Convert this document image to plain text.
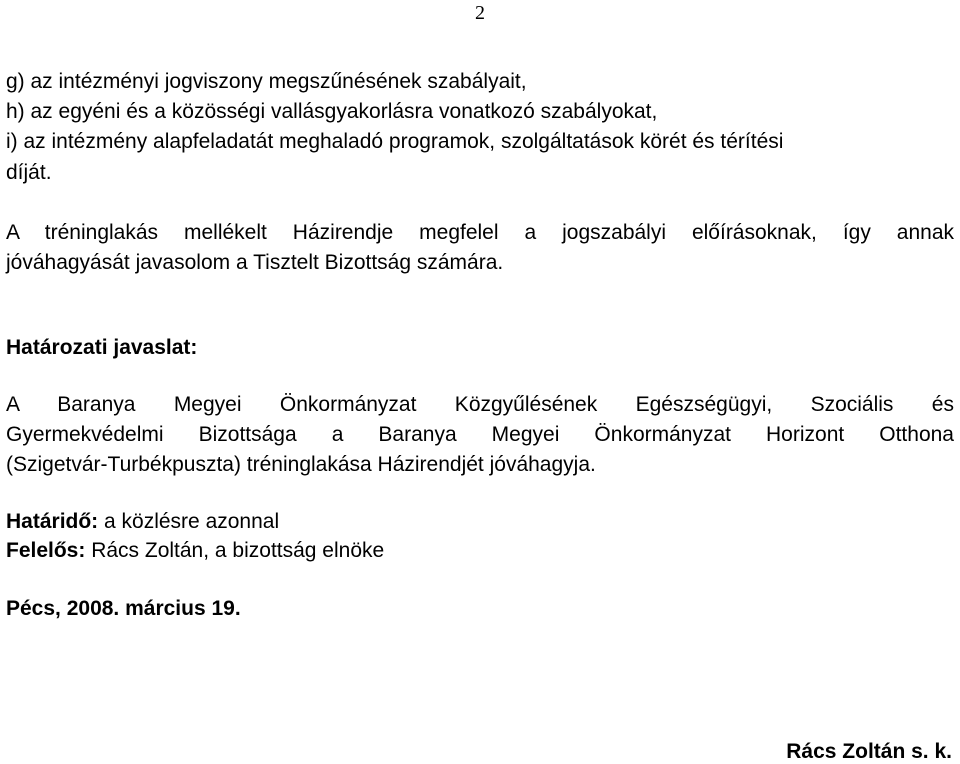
2
g) az intézményi jogviszony megszűnésének szabályait,
h) az egyéni és a közösségi vallásgyakorlásra vonatkozó szabályokat,
i) az intézmény alapfeladatát meghaladó programok, szolgáltatások körét és térítési
díját.
A tréninglakás mellékelt Házirendje megfelel a jogszabályi előírásoknak, így annak
jóváhagyását javasolom a Tisztelt Bizottság számára.
Határozati javaslat:
A Baranya Megyei Önkormányzat Közgyűlésének Egészségügyi, Szociális és
Gyermekvédelmi Bizottsága a Baranya Megyei Önkormányzat Horizont Otthona
(Szigetvár-Turbékpuszta) tréninglakása Házirendjét jóváhagyja.
Határidő: a közlésre azonnal
Felelős: Rács Zoltán, a bizottság elnöke
Pécs, 2008. március 19.
Rács Zoltán s. k.
